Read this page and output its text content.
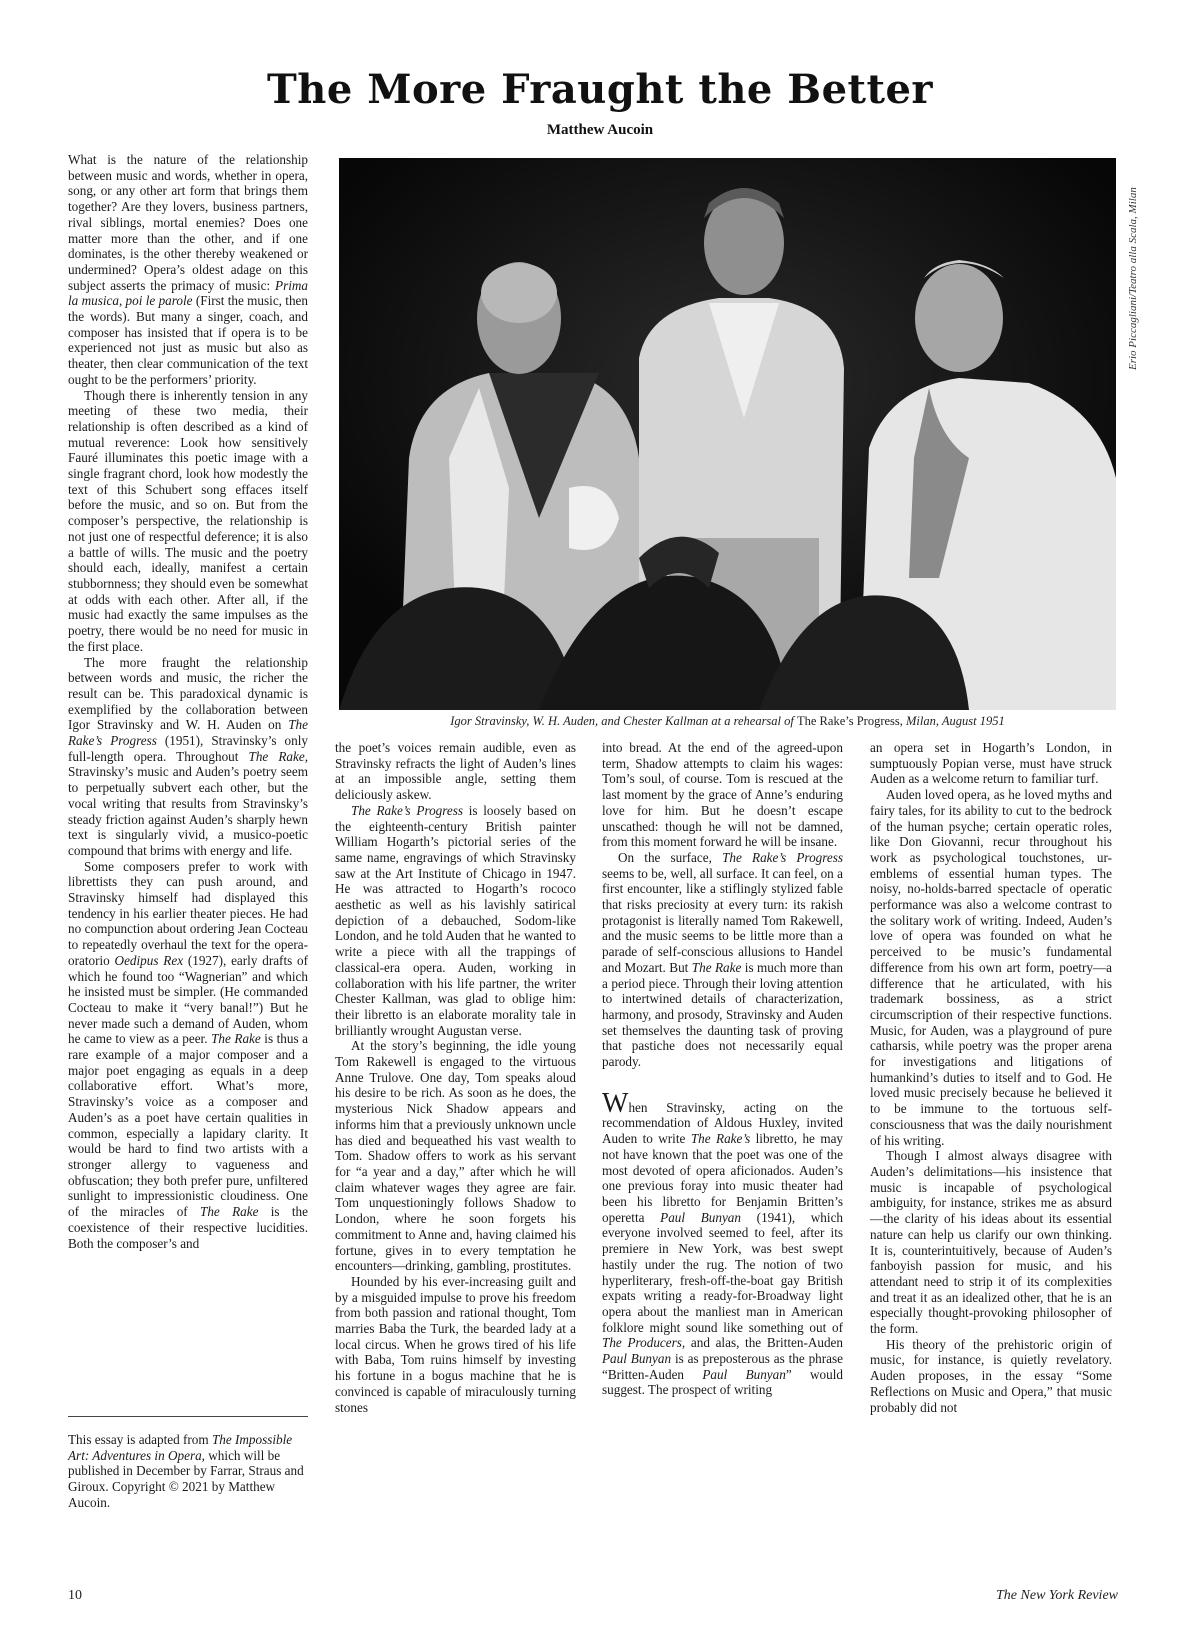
The More Fraught the Better
Matthew Aucoin

What is the nature of the relationship between music and words, whether in opera, song, or any other art form that brings them together? Are they lovers, business partners, rival siblings, mortal enemies? Does one matter more than the other, and if one dominates, is the other thereby weakened or undermined? Opera’s oldest adage on this subject asserts the primacy of music: Prima la musica, poi le parole (First the music, then the words). But many a singer, coach, and composer has insisted that if opera is to be experienced not just as music but also as theater, then clear communication of the text ought to be the performers’ priority.

Though there is inherently tension in any meeting of these two media, their relationship is often described as a kind of mutual reverence: Look how sensitively Fauré illuminates this poetic image with a single fragrant chord, look how modestly the text of this Schubert song effaces itself before the music, and so on. But from the composer’s perspective, the relationship is not just one of respectful deference; it is also a battle of wills. The music and the poetry should each, ideally, manifest a certain stubbornness; they should even be somewhat at odds with each other. After all, if the music had exactly the same impulses as the poetry, there would be no need for music in the first place.

The more fraught the relationship between words and music, the richer the result can be. This paradoxical dynamic is exemplified by the collaboration between Igor Stravinsky and W. H. Auden on The Rake’s Progress (1951), Stravinsky’s only full-length opera. Throughout The Rake, Stravinsky’s music and Auden’s poetry seem to perpetually subvert each other, but the vocal writing that results from Stravinsky’s steady friction against Auden’s sharply hewn text is singularly vivid, a musico-poetic compound that brims with energy and life.

Some composers prefer to work with librettists they can push around, and Stravinsky himself had displayed this tendency in his earlier theater pieces. He had no compunction about ordering Jean Cocteau to repeatedly overhaul the text for the opera-oratorio Oedipus Rex (1927), early drafts of which he found too “Wagnerian” and which he insisted must be simpler. (He commanded Cocteau to make it “very banal!”) But he never made such a demand of Auden, whom he came to view as a peer. The Rake is thus a rare example of a major composer and a major poet engaging as equals in a deep collaborative effort. What’s more, Stravinsky’s voice as a composer and Auden’s as a poet have certain qualities in common, especially a lapidary clarity. It would be hard to find two artists with a stronger allergy to vagueness and obfuscation; they both prefer pure, unfiltered sunlight to impressionistic cloudiness. One of the miracles of The Rake is the coexistence of their respective lucidities. Both the composer’s and

This essay is adapted from The Impossible Art: Adventures in Opera, which will be published in December by Farrar, Straus and Giroux. Copyright © 2021 by Matthew Aucoin.
Erio Piccagliani/Teatro alla Scala, Milan
Igor Stravinsky, W. H. Auden, and Chester Kallman at a rehearsal of The Rake’s Progress, Milan, August 1951

the poet’s voices remain audible, even as Stravinsky refracts the light of Auden’s lines at an impossible angle, setting them deliciously askew.

The Rake’s Progress is loosely based on the eighteenth-century British painter William Hogarth’s pictorial series of the same name, engravings of which Stravinsky saw at the Art Institute of Chicago in 1947. He was attracted to Hogarth’s rococo aesthetic as well as his lavishly satirical depiction of a debauched, Sodom-like London, and he told Auden that he wanted to write a piece with all the trappings of classical-era opera. Auden, working in collaboration with his life partner, the writer Chester Kallman, was glad to oblige him: their libretto is an elaborate morality tale in brilliantly wrought Augustan verse.

At the story’s beginning, the idle young Tom Rakewell is engaged to the virtuous Anne Trulove. One day, Tom speaks aloud his desire to be rich. As soon as he does, the mysterious Nick Shadow appears and informs him that a previously unknown uncle has died and bequeathed his vast wealth to Tom. Shadow offers to work as his servant for “a year and a day,” after which he will claim whatever wages they agree are fair. Tom unquestioningly follows Shadow to London, where he soon forgets his commitment to Anne and, having claimed his fortune, gives in to every temptation he encounters—drinking, gambling, prostitutes.

Hounded by his ever-increasing guilt and by a misguided impulse to prove his freedom from both passion and rational thought, Tom marries Baba the Turk, the bearded lady at a local circus. When he grows tired of his life with Baba, Tom ruins himself by investing his fortune in a bogus machine that he is convinced is capable of miraculously turning stones

into bread. At the end of the agreed-upon term, Shadow attempts to claim his wages: Tom’s soul, of course. Tom is rescued at the last moment by the grace of Anne’s enduring love for him. But he doesn’t escape unscathed: though he will not be damned, from this moment forward he will be insane.

On the surface, The Rake’s Progress seems to be, well, all surface. It can feel, on a first encounter, like a stiflingly stylized fable that risks preciosity at every turn: its rakish protagonist is literally named Tom Rakewell, and the music seems to be little more than a parade of self-conscious allusions to Handel and Mozart. But The Rake is much more than a period piece. Through their loving attention to intertwined details of characterization, harmony, and prosody, Stravinsky and Auden set themselves the daunting task of proving that pastiche does not necessarily equal parody.

When Stravinsky, acting on the recommendation of Aldous Huxley, invited Auden to write The Rake’s libretto, he may not have known that the poet was one of the most devoted of opera aficionados. Auden’s one previous foray into music theater had been his libretto for Benjamin Britten’s operetta Paul Bunyan (1941), which everyone involved seemed to feel, after its premiere in New York, was best swept hastily under the rug. The notion of two hyperliterary, fresh-off-the-boat gay British expats writing a ready-for-Broadway light opera about the manliest man in American folklore might sound like something out of The Producers, and alas, the Britten-Auden Paul Bunyan is as preposterous as the phrase “Britten-Auden Paul Bunyan” would suggest. The prospect of writing

an opera set in Hogarth’s London, in sumptuously Popian verse, must have struck Auden as a welcome return to familiar turf.

Auden loved opera, as he loved myths and fairy tales, for its ability to cut to the bedrock of the human psyche; certain operatic roles, like Don Giovanni, recur throughout his work as psychological touchstones, ur-emblems of essential human types. The noisy, no-holds-barred spectacle of operatic performance was also a welcome contrast to the solitary work of writing. Indeed, Auden’s love of opera was founded on what he perceived to be music’s fundamental difference from his own art form, poetry—a difference that he articulated, with his trademark bossiness, as a strict circumscription of their respective functions. Music, for Auden, was a playground of pure catharsis, while poetry was the proper arena for investigations and litigations of humankind’s duties to itself and to God. He loved music precisely because he believed it to be immune to the tortuous self-consciousness that was the daily nourishment of his writing.

Though I almost always disagree with Auden’s delimitations—his insistence that music is incapable of psychological ambiguity, for instance, strikes me as absurd—the clarity of his ideas about its essential nature can help us clarify our own thinking. It is, counterintuitively, because of Auden’s fanboyish passion for music, and his attendant need to strip it of its complexities and treat it as an idealized other, that he is an especially thought-provoking philosopher of the form.

His theory of the prehistoric origin of music, for instance, is quietly revelatory. Auden proposes, in the essay “Some Reflections on Music and Opera,” that music probably did not

10	The New York Review
